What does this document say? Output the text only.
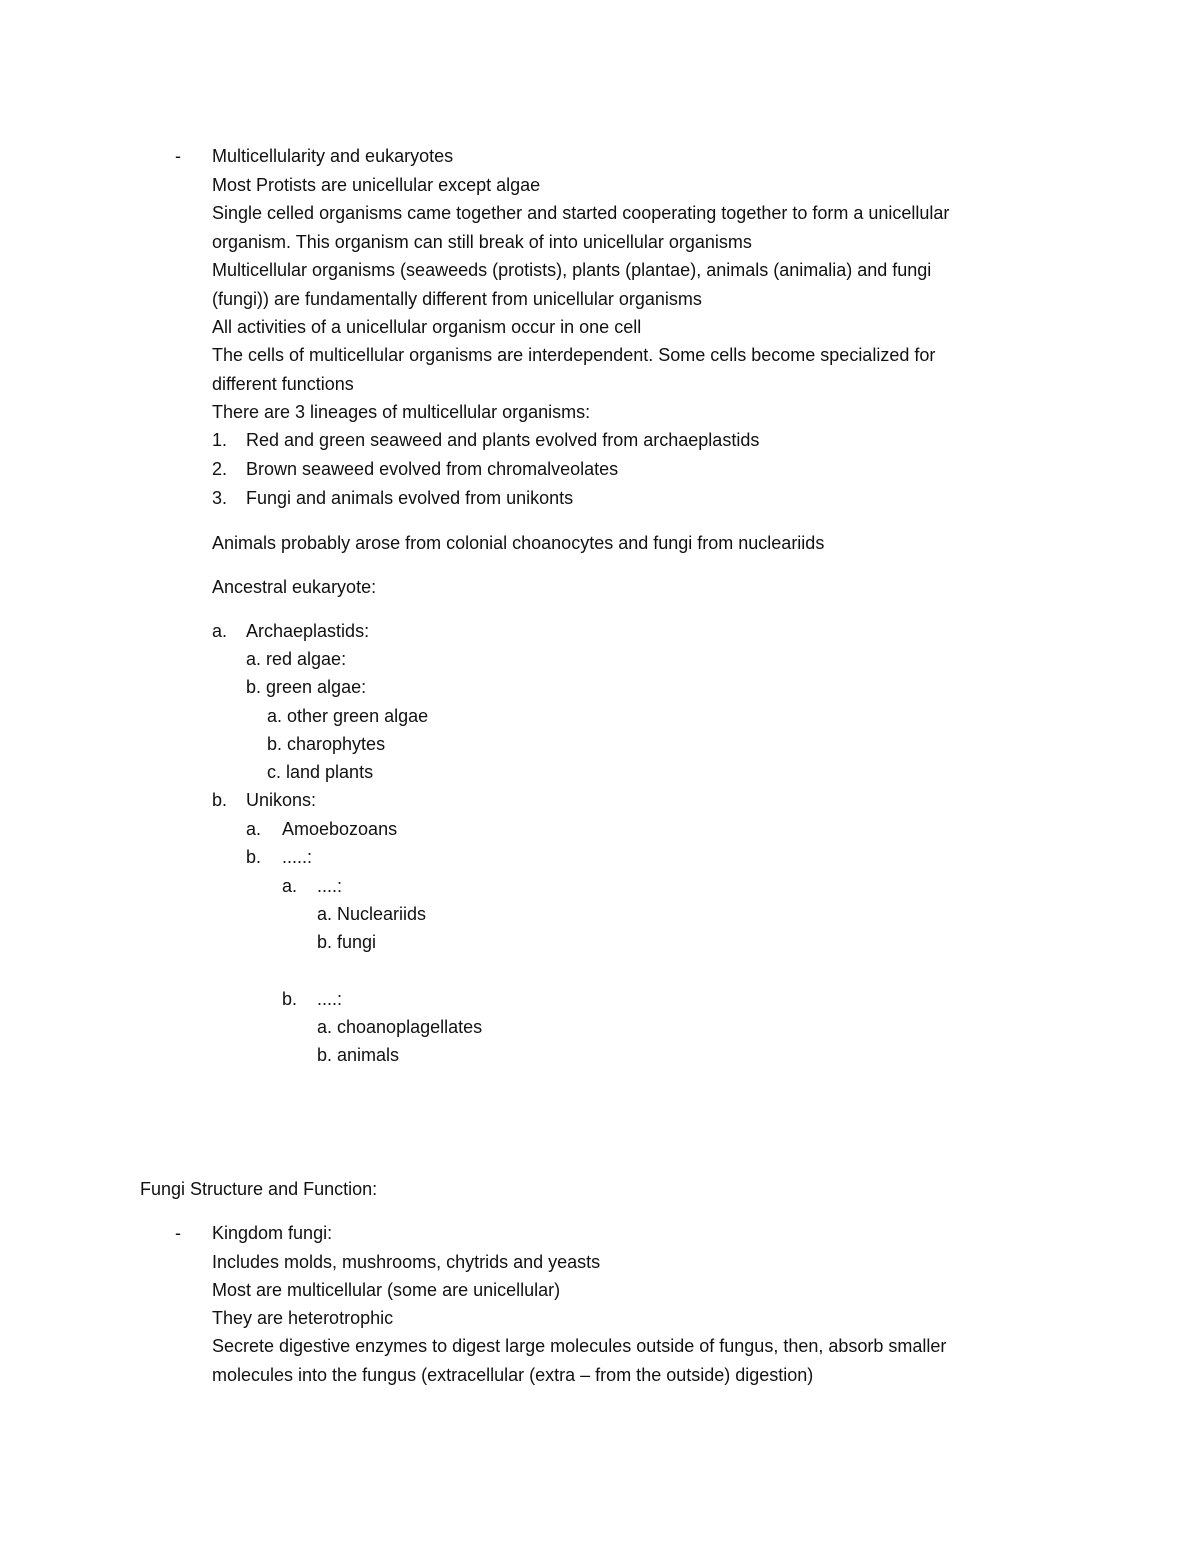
- Multicellularity and eukaryotes

Most Protists are unicellular except algae

Single celled organisms came together and started cooperating together to form a unicellular

organism. This organism can still break of into unicellular organisms

Multicellular organisms (seaweeds (protists), plants (plantae), animals (animalia) and fungi

(fungi)) are fundamentally different from unicellular organisms

All activities of a unicellular organism occur in one cell

The cells of multicellular organisms are interdependent. Some cells become specialized for

different functions

There are 3 lineages of multicellular organisms:

1. Red and green seaweed and plants evolved from archaeplastids

2. Brown seaweed evolved from chromalveolates

3. Fungi and animals evolved from unikonts

Animals probably arose from colonial choanocytes and fungi from nucleariids

Ancestral eukaryote:

a. Archaeplastids:

a. red algae:

b. green algae:

a. other green algae

b. charophytes

c. land plants

b. Unikons:

a. Amoebozoans

b. .....:

a. ....:

a. Nucleariids

b. fungi

b. ....:

a. choanoplagellates

b. animals

Fungi Structure and Function:

- Kingdom fungi:

Includes molds, mushrooms, chytrids and yeasts

Most are multicellular (some are unicellular)

They are heterotrophic

Secrete digestive enzymes to digest large molecules outside of fungus, then, absorb smaller

molecules into the fungus (extracellular (extra – from the outside) digestion)
